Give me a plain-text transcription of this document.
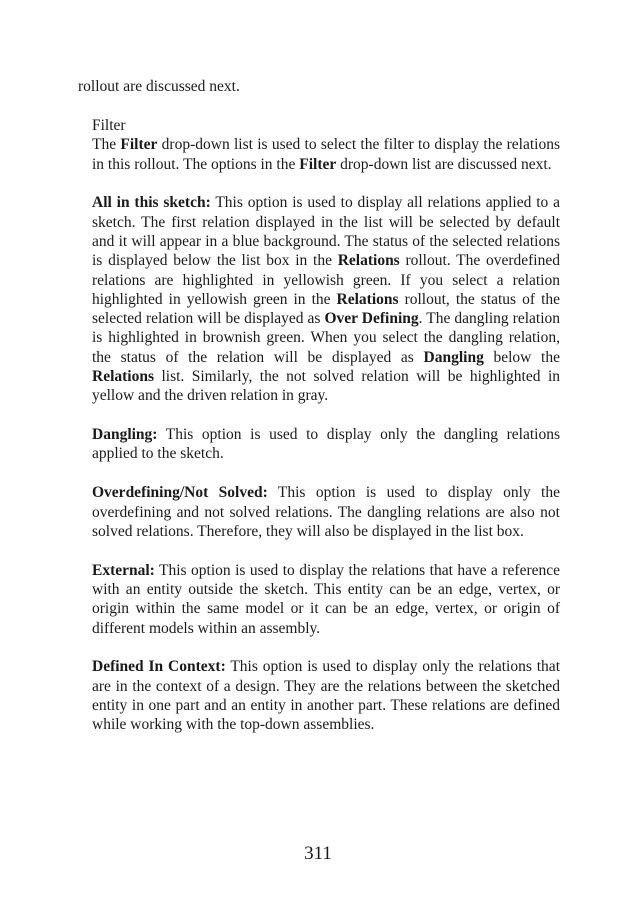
rollout are discussed next.

Filter

The Filter drop-down list is used to select the filter to display the relations in this rollout. The options in the Filter drop-down list are discussed next.

All in this sketch: This option is used to display all relations applied to a sketch. The first relation displayed in the list will be selected by default and it will appear in a blue background. The status of the selected relations is displayed below the list box in the Relations rollout. The overdefined relations are highlighted in yellowish green. If you select a relation highlighted in yellowish green in the Relations rollout, the status of the selected relation will be displayed as Over Defining. The dangling relation is highlighted in brownish green. When you select the dangling relation, the status of the relation will be displayed as Dangling below the Relations list. Similarly, the not solved relation will be highlighted in yellow and the driven relation in gray.

Dangling: This option is used to display only the dangling relations applied to the sketch.

Overdefining/Not Solved: This option is used to display only the overdefining and not solved relations. The dangling relations are also not solved relations. Therefore, they will also be displayed in the list box.

External: This option is used to display the relations that have a reference with an entity outside the sketch. This entity can be an edge, vertex, or origin within the same model or it can be an edge, vertex, or origin of different models within an assembly.

Defined In Context: This option is used to display only the relations that are in the context of a design. They are the relations between the sketched entity in one part and an entity in another part. These relations are defined while working with the top-down assemblies.

311
